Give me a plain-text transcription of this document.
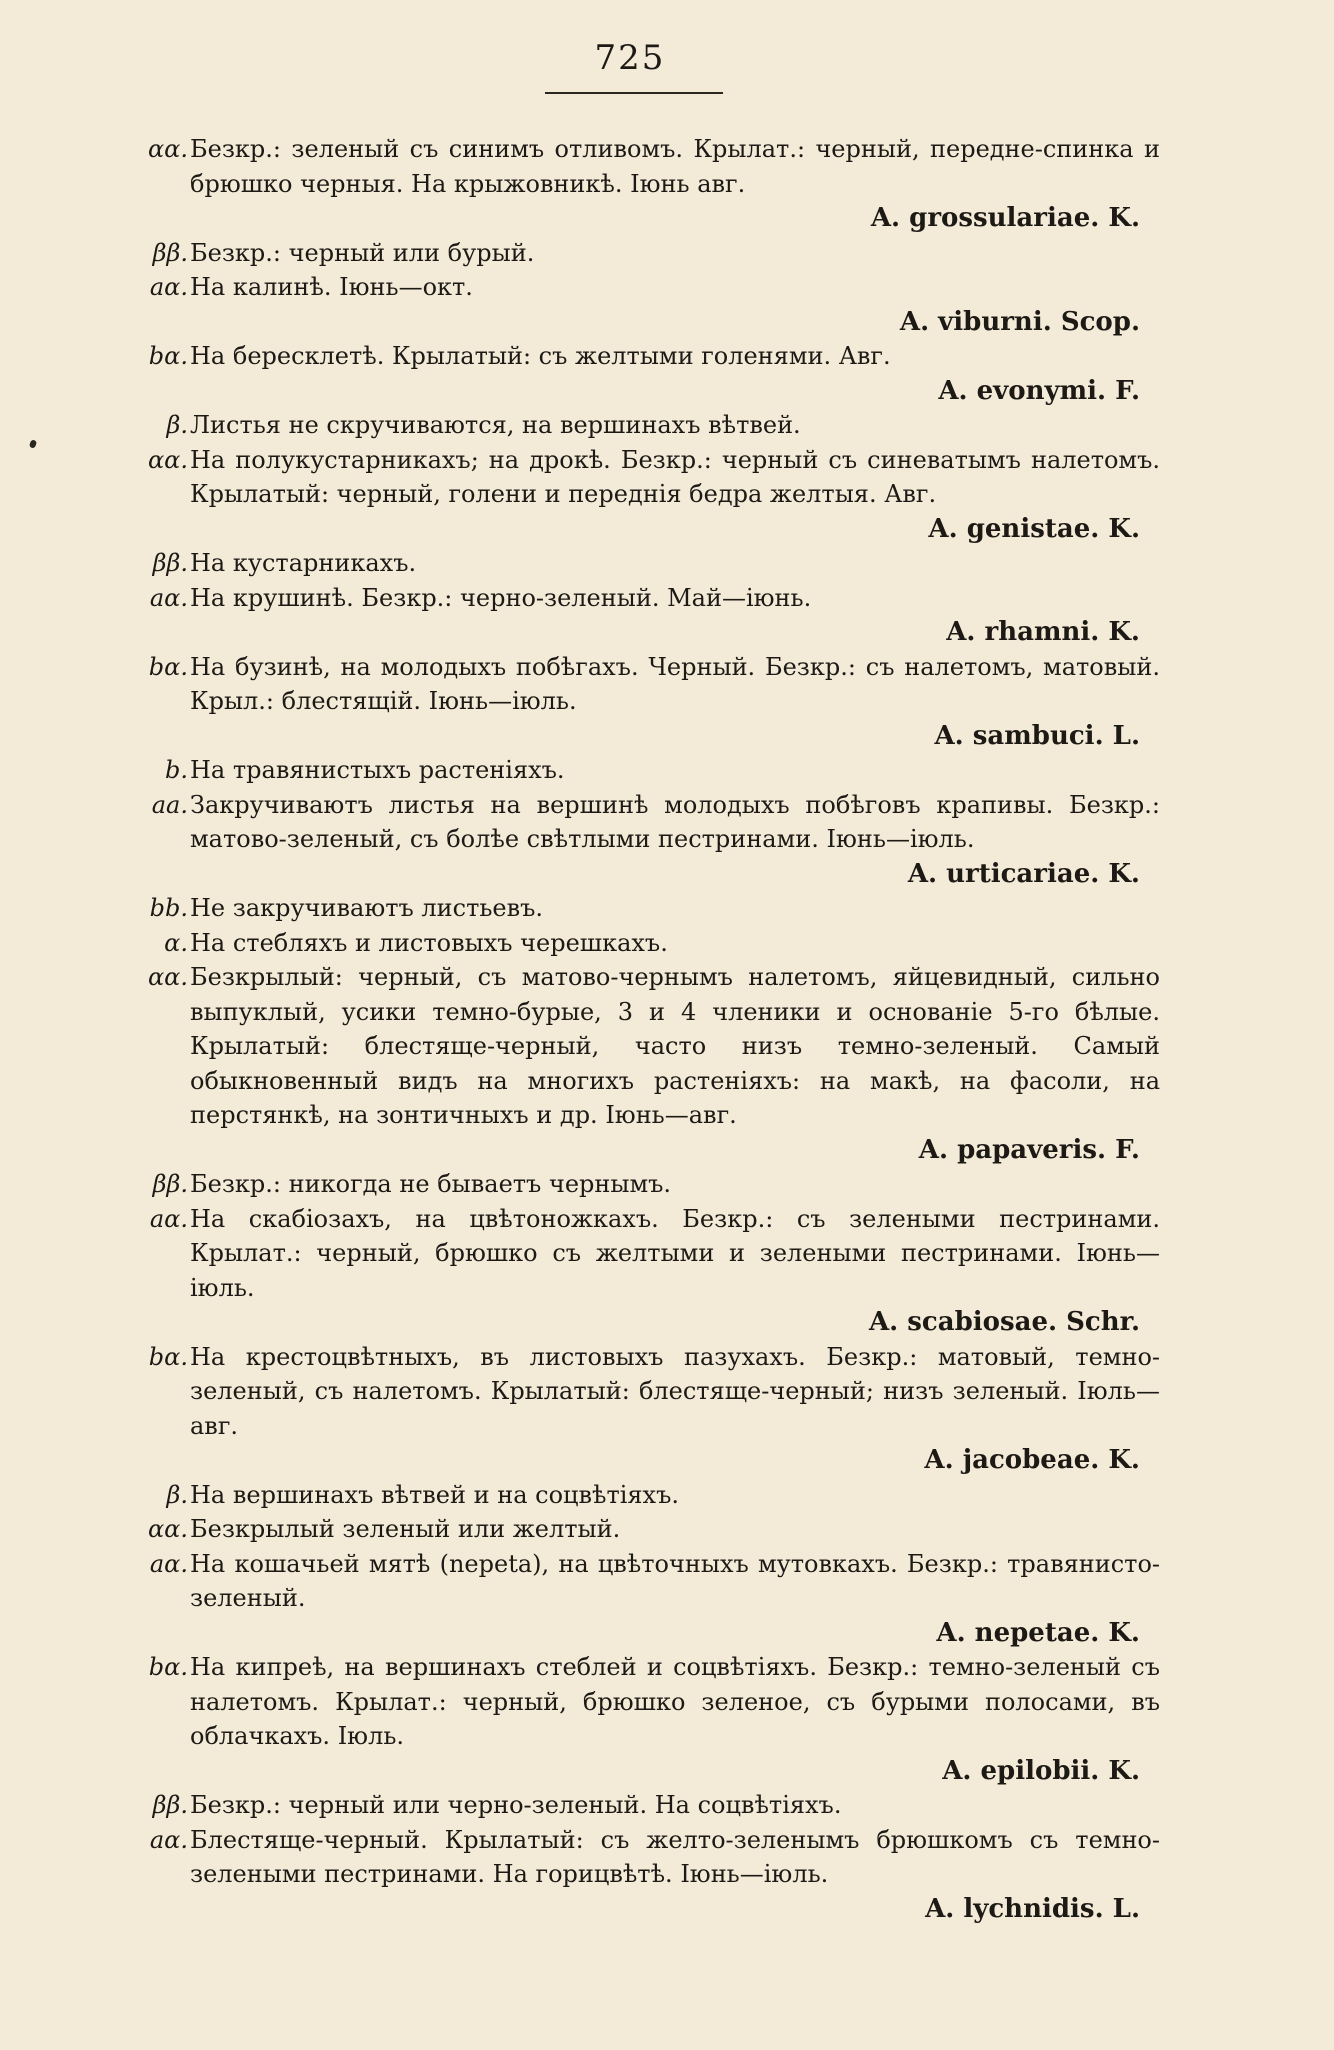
725
αα. Безкр.: зеленый съ синимъ отливомъ. Крылат.: черный, передне-спинка и брюшко черныя. На крыжовникѣ. Іюнь авг.
A. grossulariae. K.
ββ. Безкр.: черный или бурый.
aα. На калинѣ. Іюнь—окт.
A. viburni. Scop.
bα. На бересклетѣ. Крылатый: съ желтыми голенями. Авг.
A. evonymi. F.
β. Листья не скручиваются, на вершинахъ вѣтвей.
αα. На полукустарникахъ; на дрокѣ. Безкр.: черный съ синеватымъ налетомъ. Крылатый: черный, голени и переднія бедра желтыя. Авг.
A. genistae. K.
ββ. На кустарникахъ.
aα. На крушинѣ. Безкр.: черно-зеленый. Май—іюнь.
A. rhamni. K.
bα. На бузинѣ, на молодыхъ побѣгахъ. Черный. Безкр.: съ налетомъ, матовый. Крыл.: блестящій. Іюнь—іюль.
A. sambuci. L.
b. На травянистыхъ растеніяхъ.
aa. Закручиваютъ листья на вершинѣ молодыхъ побѣговъ крапивы. Безкр.: матово-зеленый, съ болѣе свѣтлыми пестринами. Іюнь—іюль.
A. urticariae. K.
bb. Не закручиваютъ листьевъ.
α. На стебляхъ и листовыхъ черешкахъ.
αα. Безкрылый: черный, съ матово-чернымъ налетомъ, яйцевидный, сильно выпуклый, усики темно-бурые, 3 и 4 членики и основаніе 5-го бѣлые. Крылатый: блестяще-черный, часто низъ темно-зеленый. Самый обыкновенный видъ на многихъ растеніяхъ: на макѣ, на фасоли, на перстянкѣ, на зонтичныхъ и др. Іюнь—авг.
A. papaveris. F.
ββ. Безкр.: никогда не бываетъ чернымъ.
aα. На скабіозахъ, на цвѣтоножкахъ. Безкр.: съ зелеными пестринами. Крылат.: черный, брюшко съ желтыми и зелеными пестринами. Іюнь—іюль.
A. scabiosae. Schr.
bα. На крестоцвѣтныхъ, въ листовыхъ пазухахъ. Безкр.: матовый, темно-зеленый, съ налетомъ. Крылатый: блестяще-черный; низъ зеленый. Іюль—авг.
A. jacobeae. K.
β. На вершинахъ вѣтвей и на соцвѣтіяхъ.
αα. Безкрылый зеленый или желтый.
aα. На кошачьей мятѣ (nepeta), на цвѣточныхъ мутовкахъ. Безкр.: травянисто-зеленый.
A. nepetae. K.
bα. На кипреѣ, на вершинахъ стеблей и соцвѣтіяхъ. Безкр.: темно-зеленый съ налетомъ. Крылат.: черный, брюшко зеленое, съ бурыми полосами, въ облачкахъ. Іюль.
A. epilobii. K.
ββ. Безкр.: черный или черно-зеленый. На соцвѣтіяхъ.
aα. Блестяще-черный. Крылатый: съ желто-зеленымъ брюшкомъ съ темно-зелеными пестринами. На горицвѣтѣ. Іюнь—іюль.
A. lychnidis. L.
